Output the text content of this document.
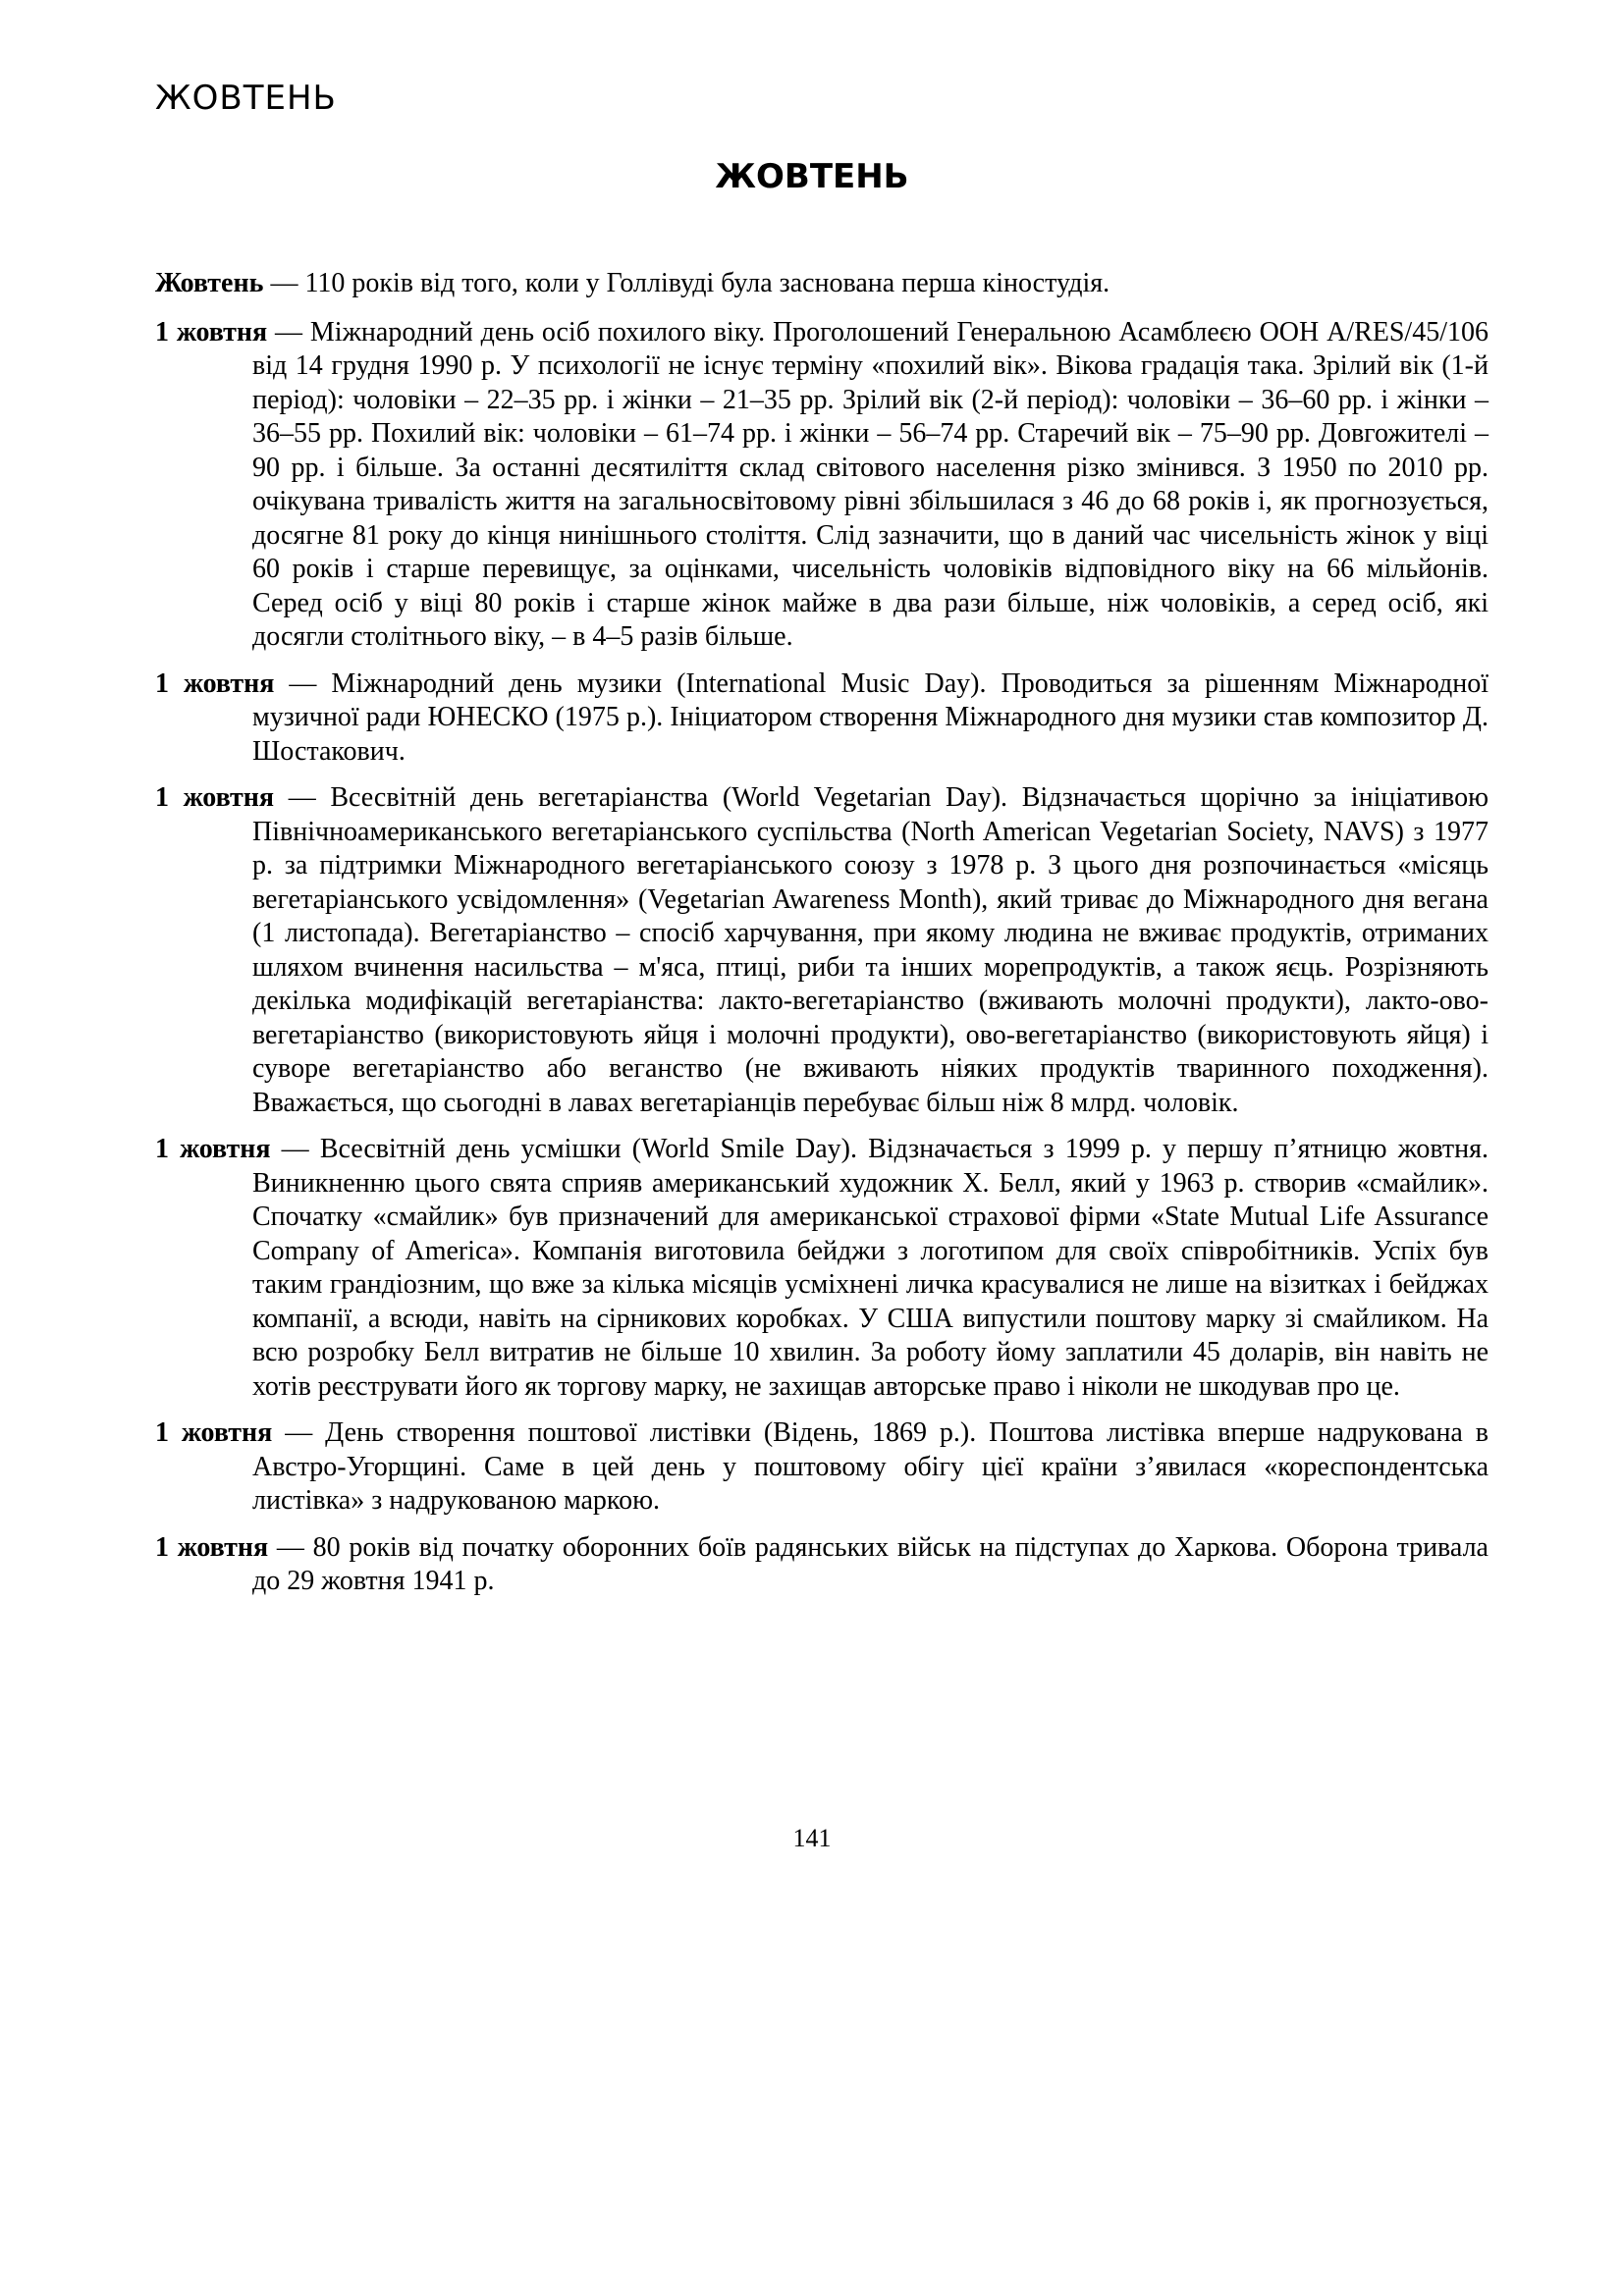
ЖОВТЕНЬ
ЖОВТЕНЬ

Жовтень — 110 років від того, коли у Голлівуді була заснована перша кіностудія.

1 жовтня — Міжнародний день осіб похилого віку. Проголошений Генеральною Асамблеєю ООН A/RES/45/106 від 14 грудня 1990 р. У психології не існує терміну «похилий вік». Вікова градація така. Зрілий вік (1-й період): чоловіки – 22–35 рр. і жінки – 21–35 рр. Зрілий вік (2-й період): чоловіки – 36–60 рр. і жінки – 36–55 рр. Похилий вік: чоловіки – 61–74 рр. і жінки – 56–74 рр. Старечий вік – 75–90 рр. Довгожителі – 90 рр. і більше. За останні десятиліття склад світового населення різко змінився. З 1950 по 2010 рр. очікувана тривалість життя на загальносвітовому рівні збільшилася з 46 до 68 років і, як прогнозується, досягне 81 року до кінця нинішнього століття. Слід зазначити, що в даний час чисельність жінок у віці 60 років і старше перевищує, за оцінками, чисельність чоловіків відповідного віку на 66 мільйонів. Серед осіб у віці 80 років і старше жінок майже в два рази більше, ніж чоловіків, а серед осіб, які досягли столітнього віку, – в 4–5 разів більше.

1 жовтня — Міжнародний день музики (International Music Day). Проводиться за рішенням Міжнародної музичної ради ЮНЕСКО (1975 р.). Ініциатором створення Міжнародного дня музики став композитор Д. Шостакович.

1 жовтня — Всесвітній день вегетаріанства (World Vegetarian Day). Відзначається щорічно за ініціативою Північноамериканського вегетаріанського суспільства (North American Vegetarian Society, NAVS) з 1977 р. за підтримки Міжнародного вегетаріанського союзу з 1978 р. З цього дня розпочинається «місяць вегетаріанського усвідомлення» (Vegetarian Awareness Month), який триває до Міжнародного дня вегана (1 листопада). Вегетаріанство – спосіб харчування, при якому людина не вживає продуктів, отриманих шляхом вчинення насильства – м'яса, птиці, риби та інших морепродуктів, а також яєць. Розрізняють декілька модифікацій вегетаріанства: лакто-вегетаріанство (вживають молочні продукти), лакто-ово-вегетаріанство (використовують яйця і молочні продукти), ово-вегетаріанство (використовують яйця) і суворе вегетаріанство або веганство (не вживають ніяких продуктів тваринного походження). Вважається, що сьогодні в лавах вегетаріанців перебуває більш ніж 8 млрд. чоловік.

1 жовтня — Всесвітній день усмішки (World Smile Day). Відзначається з 1999 р. у першу п’ятницю жовтня. Виникненню цього свята сприяв американський художник Х. Белл, який у 1963 р. створив «смайлик». Спочатку «смайлик» був призначений для американської страхової фірми «State Mutual Life Assurance Company of America». Компанія виготовила бейджи з логотипом для своїх співробітників. Успіх був таким грандіозним, що вже за кілька місяців усміхнені личка красувалися не лише на візитках і бейджах компанії, а всюди, навіть на сірникових коробках. У США випустили поштову марку зі смайликом. На всю розробку Белл витратив не більше 10 хвилин. За роботу йому заплатили 45 доларів, він навіть не хотів реєструвати його як торгову марку, не захищав авторське право і ніколи не шкодував про це.

1 жовтня — День створення поштової листівки (Відень, 1869 р.). Поштова листівка вперше надрукована в Австро-Угорщині. Саме в цей день у поштовому обігу цієї країни з’явилася «кореспондентська листівка» з надрукованою маркою.

1 жовтня — 80 років від початку оборонних боїв радянських військ на підступах до Харкова. Оборона тривала до 29 жовтня 1941 р.

141
